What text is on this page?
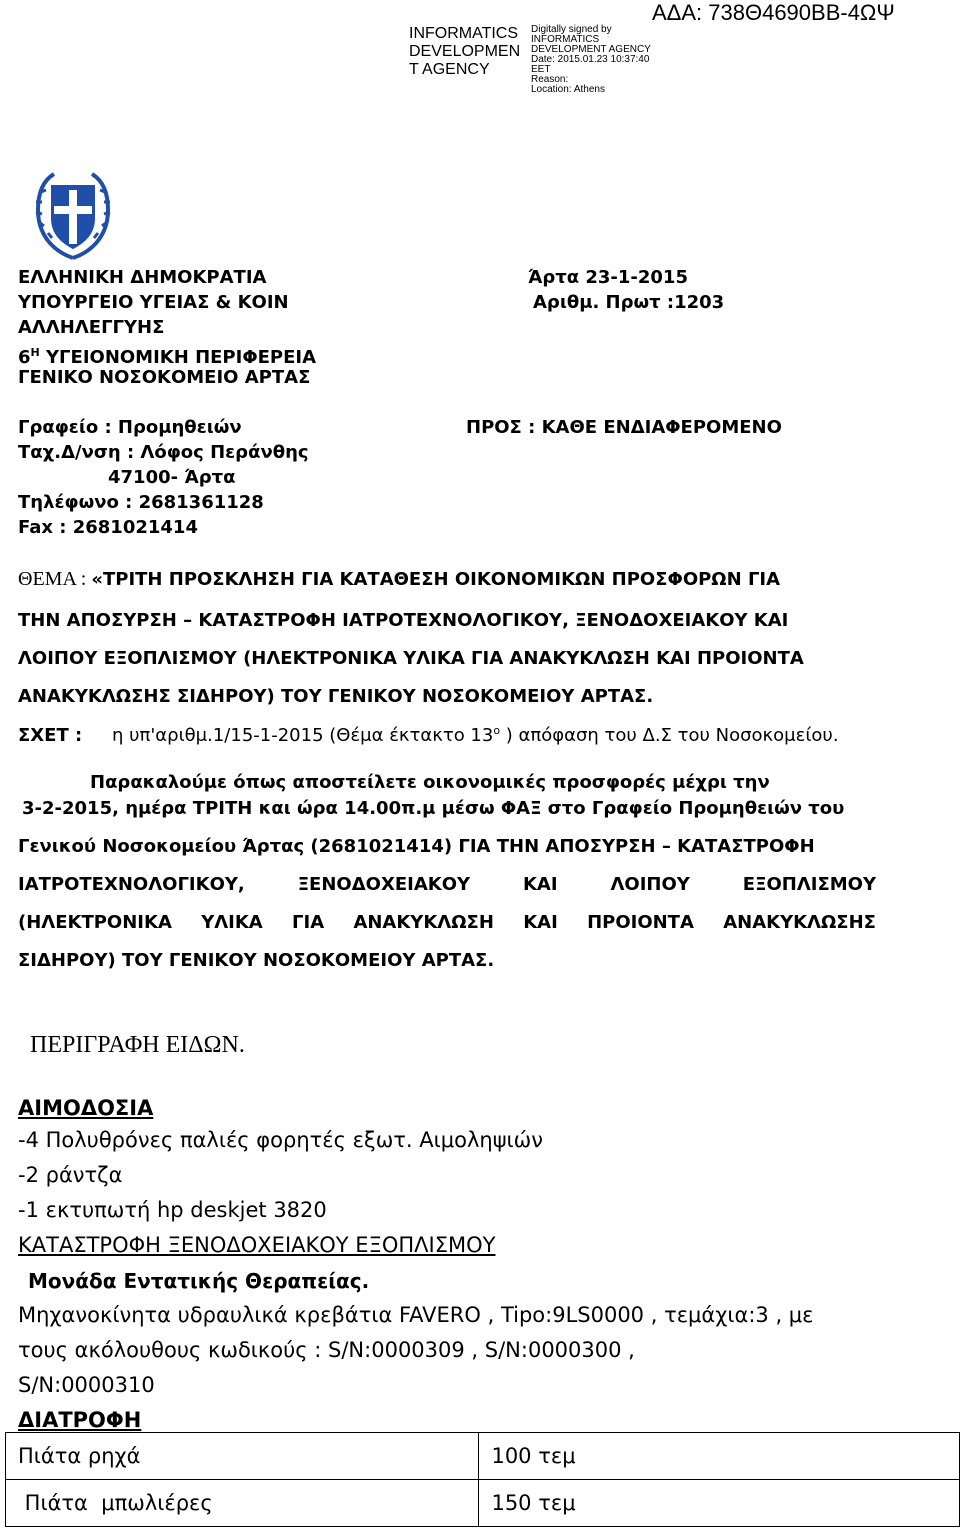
ΑΔΑ: 738Θ4690ΒΒ-4ΩΨ
INFORMATICS
DEVELOPMEN
T AGENCY
Digitally signed by
INFORMATICS
DEVELOPMENT AGENCY
Date: 2015.01.23 10:37:40
EET
Reason:
Location: Athens
ΕΛΛΗΝΙΚΗ ΔΗΜΟΚΡΑΤΙΑ
ΥΠΟΥΡΓΕΙΟ ΥΓΕΙΑΣ & ΚΟΙΝ
ΑΛΛΗΛΕΓΓΥΗΣ
$6^H$ ΥΓΕΙΟΝΟΜΙΚΗ ΠΕΡΙΦΕΡΕΙΑ
ΓΕΝΙΚΟ ΝΟΣΟΚΟΜΕΙΟ ΑΡΤΑΣ
Άρτα 23-1-2015
Αριθμ. Πρωτ :1203
Γραφείο : Προμηθειών
Ταχ.Δ/νση : Λόφος Περάνθης
47100- Άρτα
Τηλέφωνο : 2681361128
Fax : 2681021414
ΠΡΟΣ : ΚΑΘΕ ΕΝΔΙΑΦΕΡΟΜΕΝΟ
ΘΕΜΑ : «ΤΡΙΤΗ ΠΡΟΣΚΛΗΣΗ ΓΙΑ ΚΑΤΑΘΕΣΗ ΟΙΚΟΝΟΜΙΚΩΝ ΠΡΟΣΦΟΡΩΝ ΓΙΑ
ΤΗΝ ΑΠΟΣΥΡΣΗ – ΚΑΤΑΣΤΡΟΦΗ ΙΑΤΡΟΤΕΧΝΟΛΟΓΙΚΟΥ, ΞΕΝΟΔΟΧΕΙΑΚΟΥ ΚΑΙ
ΛΟΙΠΟΥ ΕΞΟΠΛΙΣΜΟΥ (ΗΛΕΚΤΡΟΝΙΚΑ ΥΛΙΚΑ ΓΙΑ ΑΝΑΚΥΚΛΩΣΗ ΚΑΙ ΠΡΟΙΟΝΤΑ
ΑΝΑΚΥΚΛΩΣΗΣ ΣΙΔΗΡΟΥ) ΤΟΥ ΓΕΝΙΚΟΥ ΝΟΣΟΚΟΜΕΙΟΥ ΑΡΤΑΣ.
ΣΧΕΤ : η υπ'αριθμ.1/15-1-2015 (Θέμα έκτακτο $13^o$ ) απόφαση του Δ.Σ του Νοσοκομείου.
Παρακαλούμε όπως αποστείλετε οικονομικές προσφορές μέχρι την
3-2-2015, ημέρα ΤΡΙΤΗ και ώρα 14.00π.μ μέσω ΦΑΞ στο Γραφείο Προμηθειών του
Γενικού Νοσοκομείου Άρτας (2681021414) ΓΙΑ ΤΗΝ ΑΠΟΣΥΡΣΗ – ΚΑΤΑΣΤΡΟΦΗ
ΙΑΤΡΟΤΕΧΝΟΛΟΓΙΚΟΥ,	ΞΕΝΟΔΟΧΕΙΑΚΟΥ	ΚΑΙ	ΛΟΙΠΟΥ	ΕΞΟΠΛΙΣΜΟΥ
(ΗΛΕΚΤΡΟΝΙΚΑ ΥΛΙΚΑ ΓΙΑ ΑΝΑΚΥΚΛΩΣΗ ΚΑΙ ΠΡΟΙΟΝΤΑ ΑΝΑΚΥΚΛΩΣΗΣ
ΣΙΔΗΡΟΥ) ΤΟΥ ΓΕΝΙΚΟΥ ΝΟΣΟΚΟΜΕΙΟΥ ΑΡΤΑΣ.
ΠΕΡΙΓΡΑΦΗ ΕΙΔΩΝ.
ΑΙΜΟΔΟΣΙΑ
-4 Πολυθρόνες παλιές φορητές εξωτ. Αιμοληψιών
-2 ράντζα
-1 εκτυπωτή hp deskjet 3820
ΚΑΤΑΣΤΡΟΦΗ ΞΕΝΟΔΟΧΕΙΑΚΟΥ ΕΞΟΠΛΙΣΜΟΥ
Μονάδα Εντατικής Θεραπείας.
Μηχανοκίνητα υδραυλικά κρεβάτια FAVERO , Tipo:9LS0000 , τεμάχια:3 , με
τους ακόλουθους κωδικούς : S/N:0000309 , S/N:0000300 ,
S/N:0000310
ΔΙΑΤΡΟΦΗ
Πιάτα ρηχά	100 τεμ
Πιάτα  μπωλιέρες	150 τεμ
